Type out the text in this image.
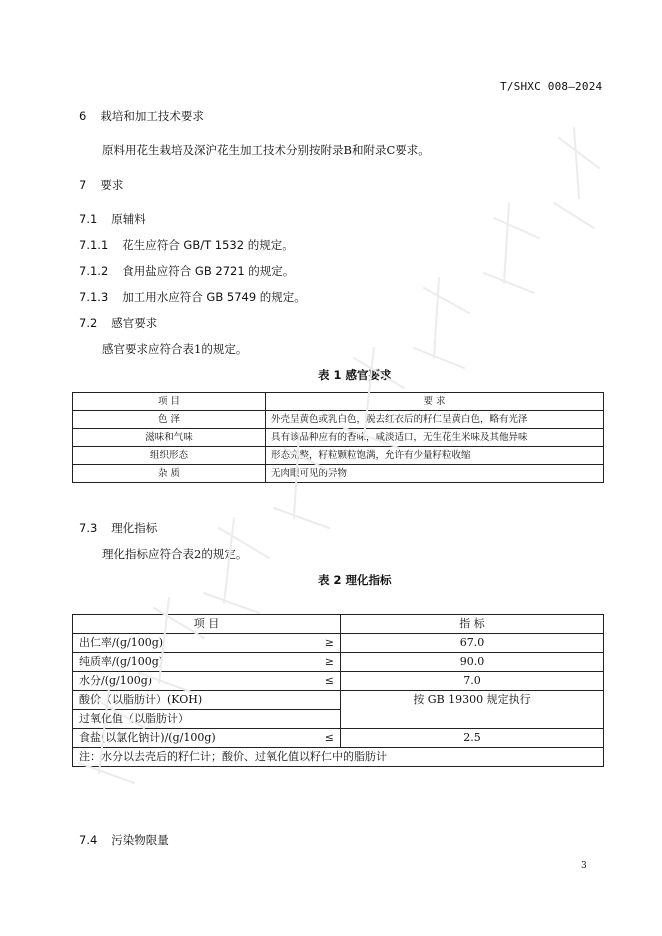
T/SHXC 008—2024
6 栽培和加工技术要求
原料用花生栽培及深沪花生加工技术分别按附录B和附录C要求。
7 要求
7.1 原辅料
7.1.1 花生应符合 GB/T 1532 的规定。
7.1.2 食用盐应符合 GB 2721 的规定。
7.1.3 加工用水应符合 GB 5749 的规定。
7.2 感官要求
感官要求应符合表1的规定。
表 1 感官要求
项 目	要 求
色 泽	外壳呈黄色或乳白色，脱去红衣后的籽仁呈黄白色，略有光泽
滋味和气味	具有该品种应有的香味，咸淡适口，无生花生米味及其他异味
组织形态	形态完整，籽粒颗粒饱满，允许有少量籽粒收缩
杂 质	无肉眼可见的异物
7.3 理化指标
理化指标应符合表2的规定。
表 2 理化指标
项 目	指 标
出仁率/(g/100g) ≥	67.0
纯质率/(g/100g) ≥	90.0
水分/(g/100g) ≤	7.0
酸价（以脂肪计）(KOH)	按 GB 19300 规定执行
过氧化值（以脂肪计）	
食盐(以氯化钠计)/(g/100g) ≤	2.5
注：水分以去壳后的籽仁计；酸价、过氧化值以籽仁中的脂肪计	
7.4 污染物限量
3
